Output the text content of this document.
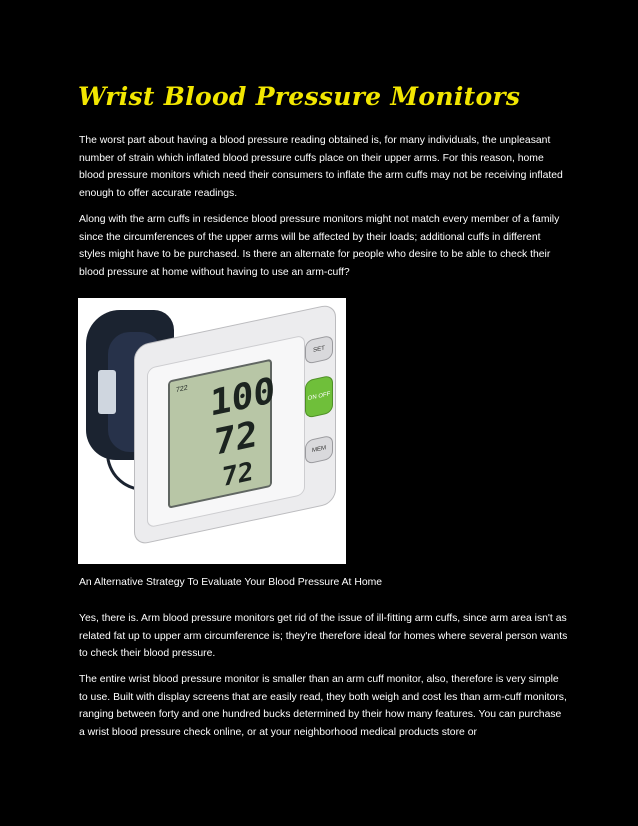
Wrist Blood Pressure Monitors

The worst part about having a blood pressure reading obtained is, for many individuals, the unpleasant number of strain which inflated blood pressure cuffs place on their upper arms. For this reason, home blood pressure monitors which need their consumers to inflate the arm cuffs may not be receiving inflated enough to offer accurate readings.

Along with the arm cuffs in residence blood pressure monitors might not match every member of a family since the circumferences of the upper arms will be affected by their loads; additional cuffs in different styles might have to be purchased. Is there an alternate for people who desire to be able to check their blood pressure at home without having to use an arm-cuff?

722 100
72
72
SET
ON OFF
MEM

An Alternative Strategy To Evaluate Your Blood Pressure At Home

Yes, there is. Arm blood pressure monitors get rid of the issue of ill-fitting arm cuffs, since arm area isn't as related fat up to upper arm circumference is; they're therefore ideal for homes where several person wants to check their blood pressure.

The entire wrist blood pressure monitor is smaller than an arm cuff monitor, also, therefore is very simple to use. Built with display screens that are easily read, they both weigh and cost les than arm-cuff monitors, ranging between forty and one hundred bucks determined by their how many features. You can purchase a wrist blood pressure check online, or at your neighborhood medical products store or
